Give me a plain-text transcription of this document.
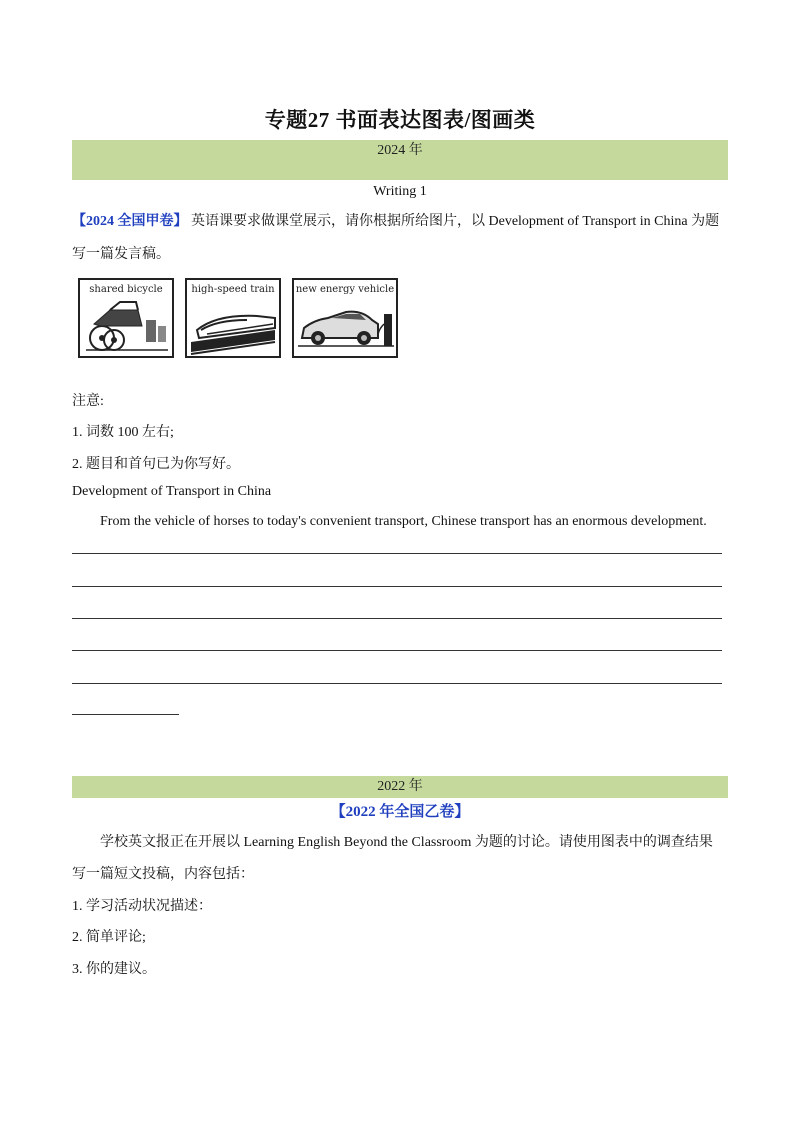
专题27 书面表达图表/图画类
2024 年
Writing 1
【2024 全国甲卷】 英语课要求做课堂展示，请你根据所给图片，以 Development of Transport in China 为题
写一篇发言稿。
shared bicycle	high-speed train	new energy vehicle
注意:
1. 词数 100 左右;
2. 题目和首句已为你写好。
Development of Transport in China
From the vehicle of horses to today's convenient transport, Chinese transport has an enormous development.
2022 年
【2022 年全国乙卷】
学校英文报正在开展以 Learning English Beyond the Classroom 为题的讨论。请使用图表中的调查结果
写一篇短文投稿，内容包括：
1. 学习活动状况描述：
2. 简单评论;
3. 你的建议。
